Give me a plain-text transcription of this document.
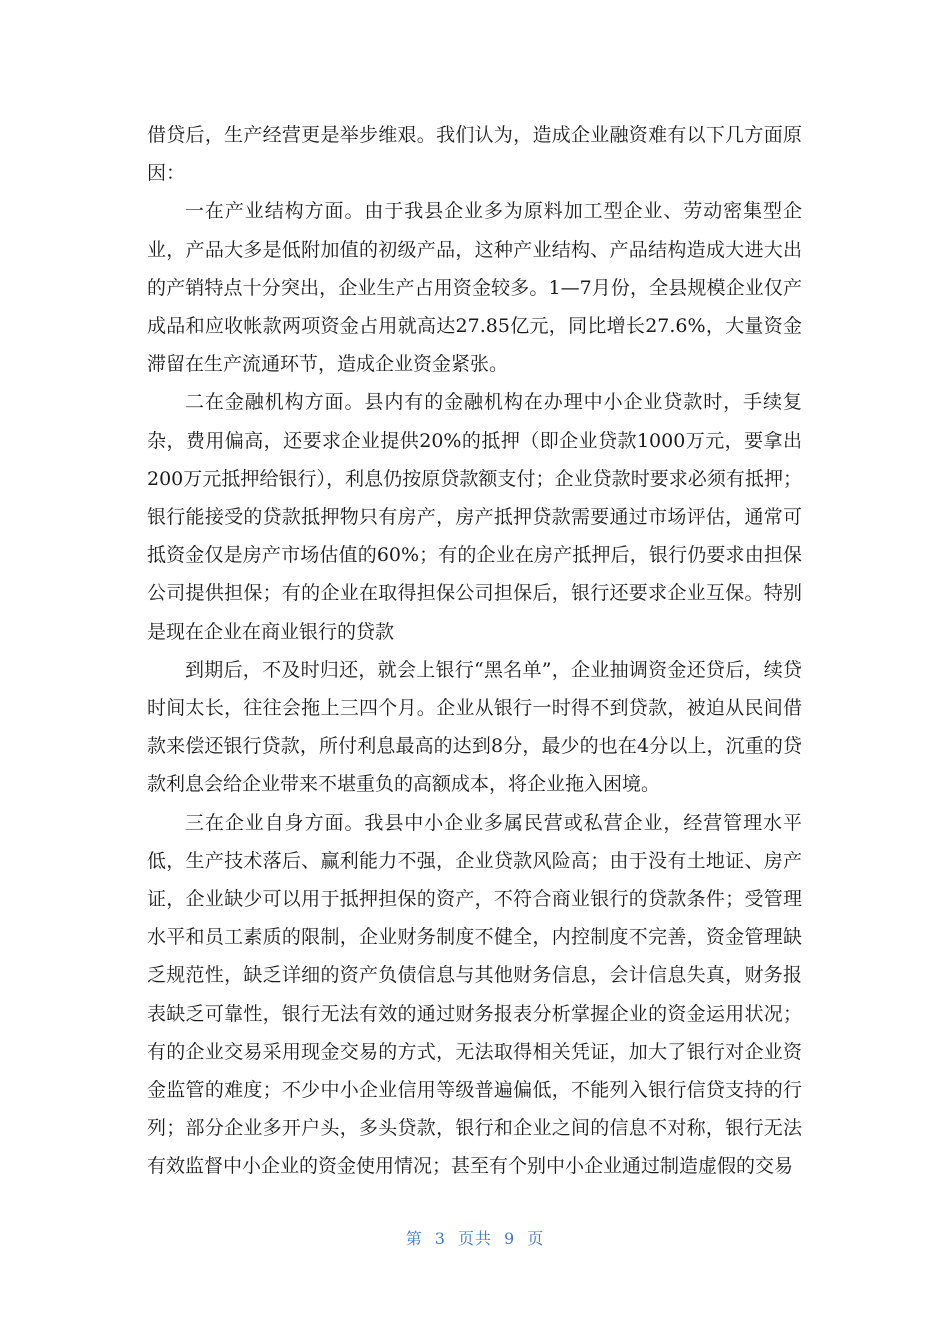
借贷后，生产经营更是举步维艰。我们认为，造成企业融资难有以下几方面原因：

一在产业结构方面。由于我县企业多为原料加工型企业、劳动密集型企业，产品大多是低附加值的初级产品，这种产业结构、产品结构造成大进大出的产销特点十分突出，企业生产占用资金较多。1—7月份，全县规模企业仅产成品和应收帐款两项资金占用就高达27.85亿元，同比增长27.6%，大量资金滞留在生产流通环节，造成企业资金紧张。

二在金融机构方面。县内有的金融机构在办理中小企业贷款时，手续复杂，费用偏高，还要求企业提供20%的抵押（即企业贷款1000万元，要拿出200万元抵押给银行），利息仍按原贷款额支付；企业贷款时要求必须有抵押；银行能接受的贷款抵押物只有房产，房产抵押贷款需要通过市场评估，通常可抵资金仅是房产市场估值的60%；有的企业在房产抵押后，银行仍要求由担保公司提供担保；有的企业在取得担保公司担保后，银行还要求企业互保。特别是现在企业在商业银行的贷款

到期后，不及时归还，就会上银行“黑名单”，企业抽调资金还贷后，续贷时间太长，往往会拖上三四个月。企业从银行一时得不到贷款，被迫从民间借款来偿还银行贷款，所付利息最高的达到8分，最少的也在4分以上，沉重的贷款利息会给企业带来不堪重负的高额成本，将企业拖入困境。

三在企业自身方面。我县中小企业多属民营或私营企业，经营管理水平低，生产技术落后、赢利能力不强，企业贷款风险高；由于没有土地证、房产证，企业缺少可以用于抵押担保的资产，不符合商业银行的贷款条件；受管理水平和员工素质的限制，企业财务制度不健全，内控制度不完善，资金管理缺乏规范性，缺乏详细的资产负债信息与其他财务信息，会计信息失真，财务报表缺乏可靠性，银行无法有效的通过财务报表分析掌握企业的资金运用状况；有的企业交易采用现金交易的方式，无法取得相关凭证，加大了银行对企业资金监管的难度；不少中小企业信用等级普遍偏低，不能列入银行信贷支持的行列；部分企业多开户头，多头贷款，银行和企业之间的信息不对称，银行无法有效监督中小企业的资金使用情况；甚至有个别中小企业通过制造虚假的交易

第 3 页共 9 页
